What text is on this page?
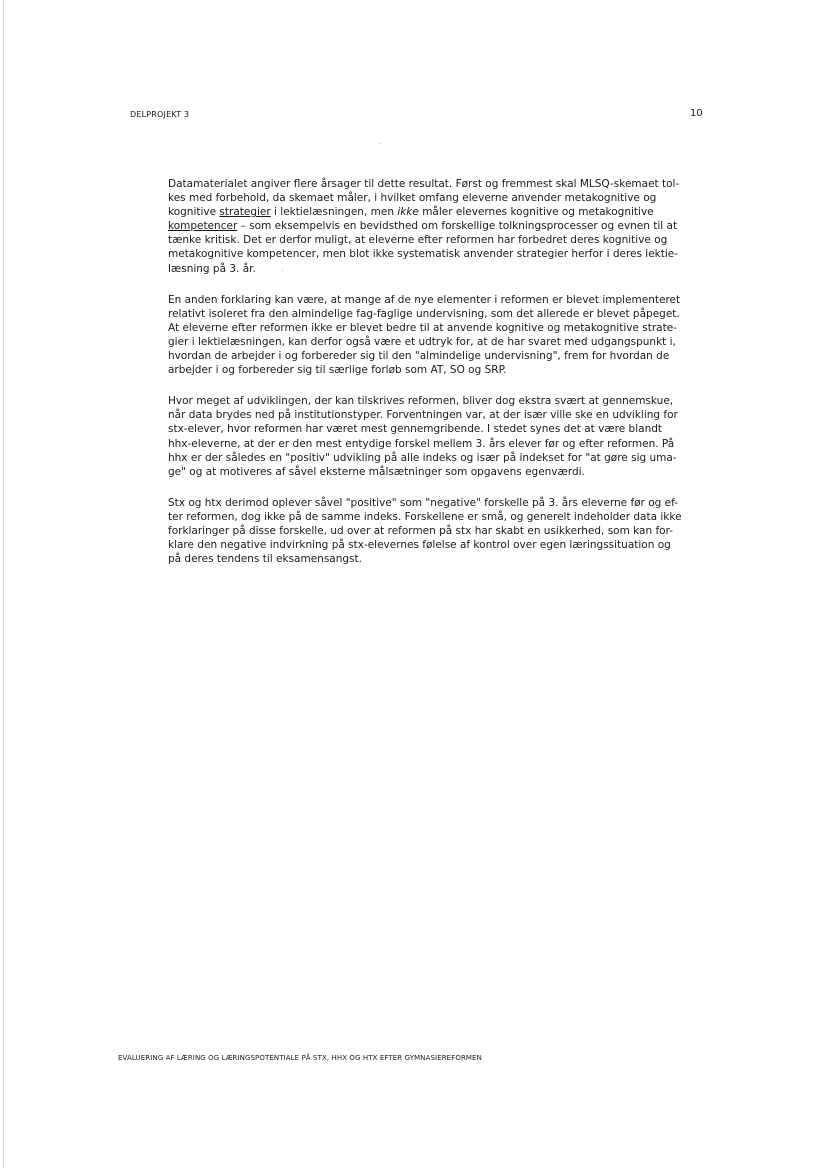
DELPROJEKT 3	10

Datamaterialet angiver flere årsager til dette resultat. Først og fremmest skal MLSQ-skemaet tol-
kes med forbehold, da skemaet måler, i hvilket omfang eleverne anvender metakognitive og
kognitive strategier i lektielæsningen, men ikke måler elevernes kognitive og metakognitive
kompetencer – som eksempelvis en bevidsthed om forskellige tolkningsprocesser og evnen til at
tænke kritisk. Det er derfor muligt, at eleverne efter reformen har forbedret deres kognitive og
metakognitive kompetencer, men blot ikke systematisk anvender strategier herfor i deres lektie-
læsning på 3. år.

En anden forklaring kan være, at mange af de nye elementer i reformen er blevet implementeret
relativt isoleret fra den almindelige fag-faglige undervisning, som det allerede er blevet påpeget.
At eleverne efter reformen ikke er blevet bedre til at anvende kognitive og metakognitive strate-
gier i lektielæsningen, kan derfor også være et udtryk for, at de har svaret med udgangspunkt i,
hvordan de arbejder i og forbereder sig til den "almindelige undervisning", frem for hvordan de
arbejder i og forbereder sig til særlige forløb som AT, SO og SRP.

Hvor meget af udviklingen, der kan tilskrives reformen, bliver dog ekstra svært at gennemskue,
når data brydes ned på institutionstyper. Forventningen var, at der især ville ske en udvikling for
stx-elever, hvor reformen har været mest gennemgribende. I stedet synes det at være blandt
hhx-eleverne, at der er den mest entydige forskel mellem 3. års elever før og efter reformen. På
hhx er der således en "positiv" udvikling på alle indeks og især på indekset for "at gøre sig uma-
ge" og at motiveres af såvel eksterne målsætninger som opgavens egenværdi.

Stx og htx derimod oplever såvel "positive" som "negative" forskelle på 3. års eleverne før og ef-
ter reformen, dog ikke på de samme indeks. Forskellene er små, og generelt indeholder data ikke
forklaringer på disse forskelle, ud over at reformen på stx har skabt en usikkerhed, som kan for-
klare den negative indvirkning på stx-elevernes følelse af kontrol over egen læringssituation og
på deres tendens til eksamensangst.

EVALUERING AF LÆRING OG LÆRINGSPOTENTIALE PÅ STX, HHX OG HTX EFTER GYMNASIEREFORMEN
